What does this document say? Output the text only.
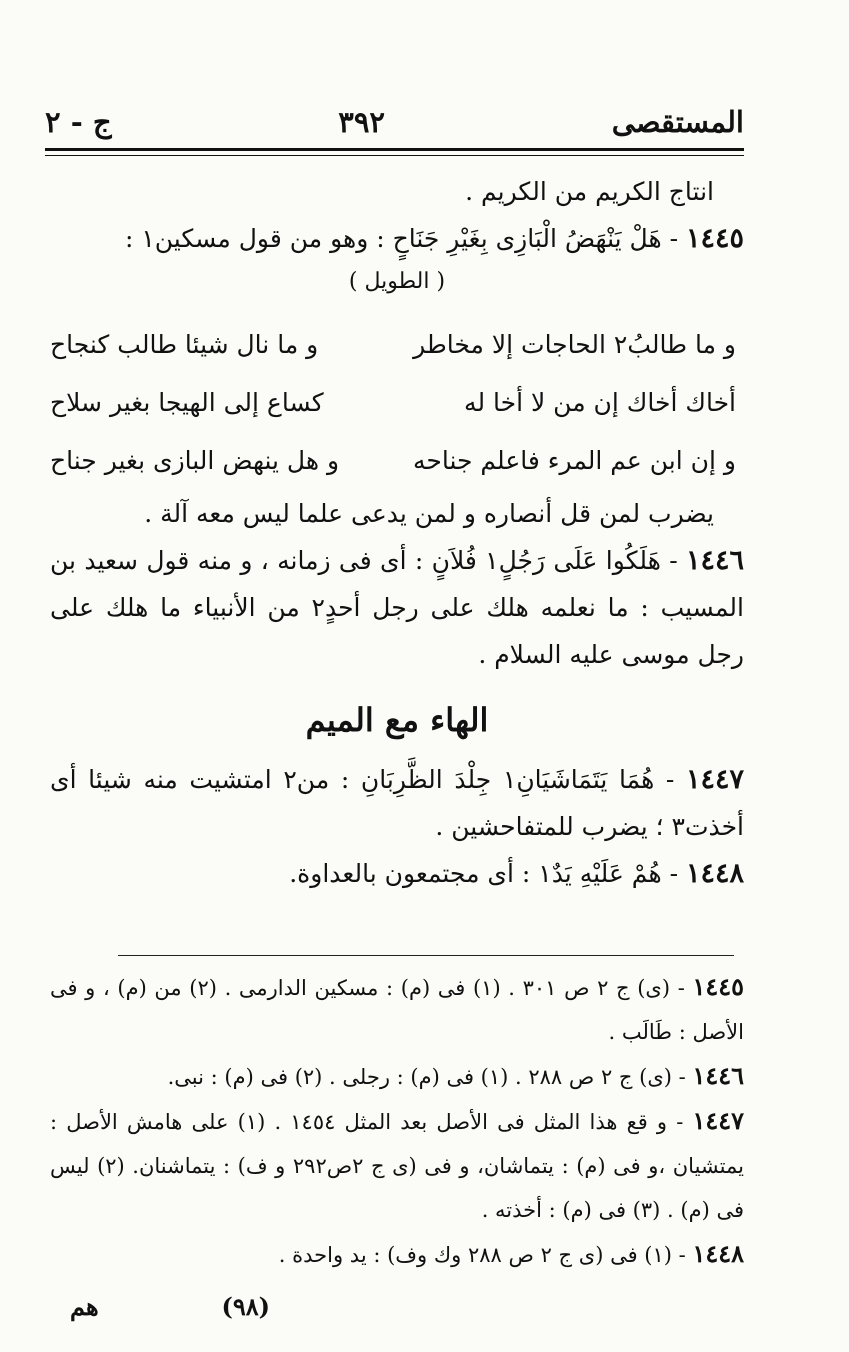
المستقصى
٣٩٢
ج - ٢

انتاج الكريم من الكريم .

١٤٤٥ - هَلْ يَنْهَضُ الْبَازِى بِغَيْرِ جَنَاحٍ : وهو من قول مسكين١ :

( الطويل )

و ما طالبُ٢ الحاجات إلا مخاطر
و ما نال شيئا طالب كنجاح
أخاك أخاك إن من لا أخا له
كساع إلى الهيجا بغير سلاح
و إن ابن عم المرء فاعلم جناحه
و هل ينهض البازى بغير جناح

يضرب لمن قل أنصاره و لمن يدعى علما ليس معه آلة .

١٤٤٦ - هَلَكُوا عَلَى رَجُلٍ١ فُلاَنٍ : أى فى زمانه ، و منه قول سعيد بن المسيب : ما نعلمه هلك على رجل أحدٍ٢ من الأنبياء ما هلك على رجل موسى عليه السلام .

الهاء مع الميم

١٤٤٧ - هُمَا يَتَمَاشَيَانِ١ جِلْدَ الظَّرِبَانِ : من٢ امتشيت منه شيئا أى أخذت٣ ؛ يضرب للمتفاحشين .

١٤٤٨ - هُمْ عَلَيْهِ يَدٌ١ : أى مجتمعون بالعداوة.

١٤٤٥ - (ى) ج ٢ ص ٣٠١ . (١) فى (م) : مسكين الدارمى . (٢) من (م) ، و فى الأصل : طَالَب .

١٤٤٦ - (ى) ج ٢ ص ٢٨٨ . (١) فى (م) : رجلى . (٢) فى (م) : نبى.

١٤٤٧ - و قع هذا المثل فى الأصل بعد المثل ١٤٥٤ . (١) على هامش الأصل : يمتشيان ،و فى (م) : يتماشان، و فى (ى ج ٢ص٢٩٢ و ف) : يتماشنان. (٢) ليس فى (م) . (٣) فى (م) : أخذته .

١٤٤٨ - (١) فى (ى ج ٢ ص ٢٨٨ وك وف) : يد واحدة .

هم	(٩٨)
